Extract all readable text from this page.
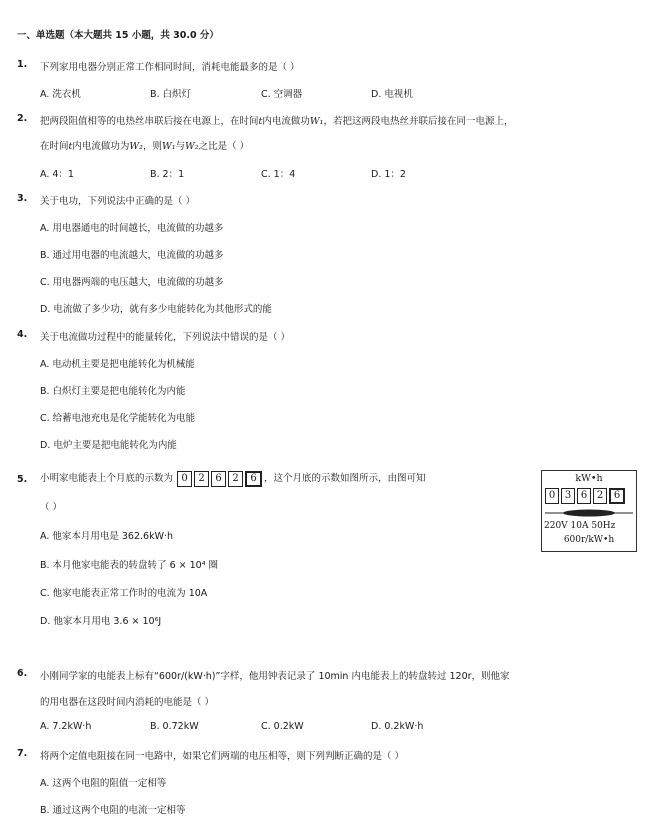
一、单选题（本大题共 15 小题，共 30.0 分）
1. 下列家用电器分别正常工作相同时间，消耗电能最多的是（ ）
A. 洗衣机	B. 白炽灯	C. 空调器	D. 电视机
2. 把两段阻值相等的电热丝串联后接在电源上，在时间t内电流做功W₁，若把这两段电热丝并联后接在同一电源上，
在时间t内电流做功为W₂，则W₁与W₂之比是（ ）
A. 4：1	B. 2：1	C. 1：4	D. 1：2
3. 关于电功，下列说法中正确的是（ ）
A. 用电器通电的时间越长，电流做的功越多
B. 通过用电器的电流越大，电流做的功越多
C. 用电器两端的电压越大，电流做的功越多
D. 电流做了多少功，就有多少电能转化为其他形式的能
4. 关于电流做功过程中的能量转化，下列说法中错误的是（ ）
A. 电动机主要是把电能转化为机械能
B. 白炽灯主要是把电能转化为内能
C. 给蓄电池充电是化学能转化为电能
D. 电炉主要是把电能转化为内能
5. 小明家电能表上个月底的示数为 0	2	6	2	6 ，这个月底的示数如图所示，由图可知
（ ）
A. 他家本月用电是 362.6kW·h
B. 本月他家电能表的转盘转了 6 × 10⁴ 圈
C. 他家电能表正常工作时的电流为 10A
D. 他家本月用电 3.6 × 10⁶J
kW•h
0 3 6 2	6
220V 10A 50Hz
600r/kW•h
6. 小刚同学家的电能表上标有“600r/(kW·h)”字样，他用钟表记录了 10min 内电能表上的转盘转过 120r，则他家
的用电器在这段时间内消耗的电能是（ ）
A. 7.2kW·h	B. 0.72kW	C. 0.2kW	D. 0.2kW·h
7. 将两个定值电阻接在同一电路中，如果它们两端的电压相等，则下列判断正确的是（ ）
A. 这两个电阻的阻值一定相等
B. 通过这两个电阻的电流一定相等
